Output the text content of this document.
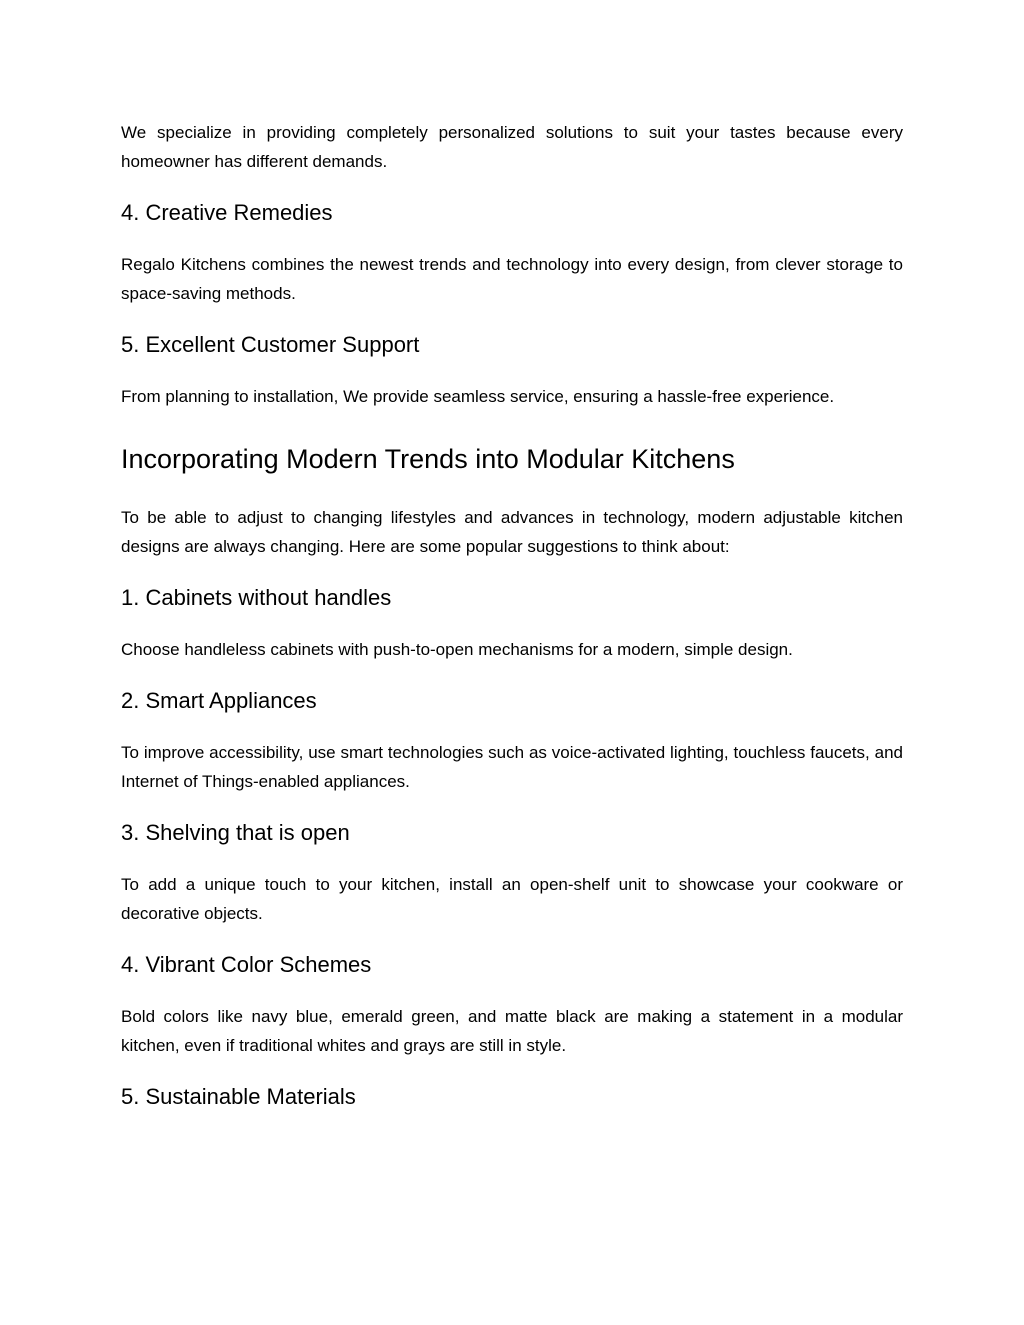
We specialize in providing completely personalized solutions to suit your tastes because every homeowner has different demands.

4. Creative Remedies

Regalo Kitchens combines the newest trends and technology into every design, from clever storage to space-saving methods.

5. Excellent Customer Support

From planning to installation, We provide seamless service, ensuring a hassle-free experience.

Incorporating Modern Trends into Modular Kitchens

To be able to adjust to changing lifestyles and advances in technology, modern adjustable kitchen designs are always changing. Here are some popular suggestions to think about:

1. Cabinets without handles

Choose handleless cabinets with push-to-open mechanisms for a modern, simple design.

2. Smart Appliances

To improve accessibility, use smart technologies such as voice-activated lighting, touchless faucets, and Internet of Things-enabled appliances.

3. Shelving that is open

To add a unique touch to your kitchen, install an open-shelf unit to showcase your cookware or decorative objects.

4. Vibrant Color Schemes

Bold colors like navy blue, emerald green, and matte black are making a statement in a modular kitchen, even if traditional whites and grays are still in style.

5. Sustainable Materials
